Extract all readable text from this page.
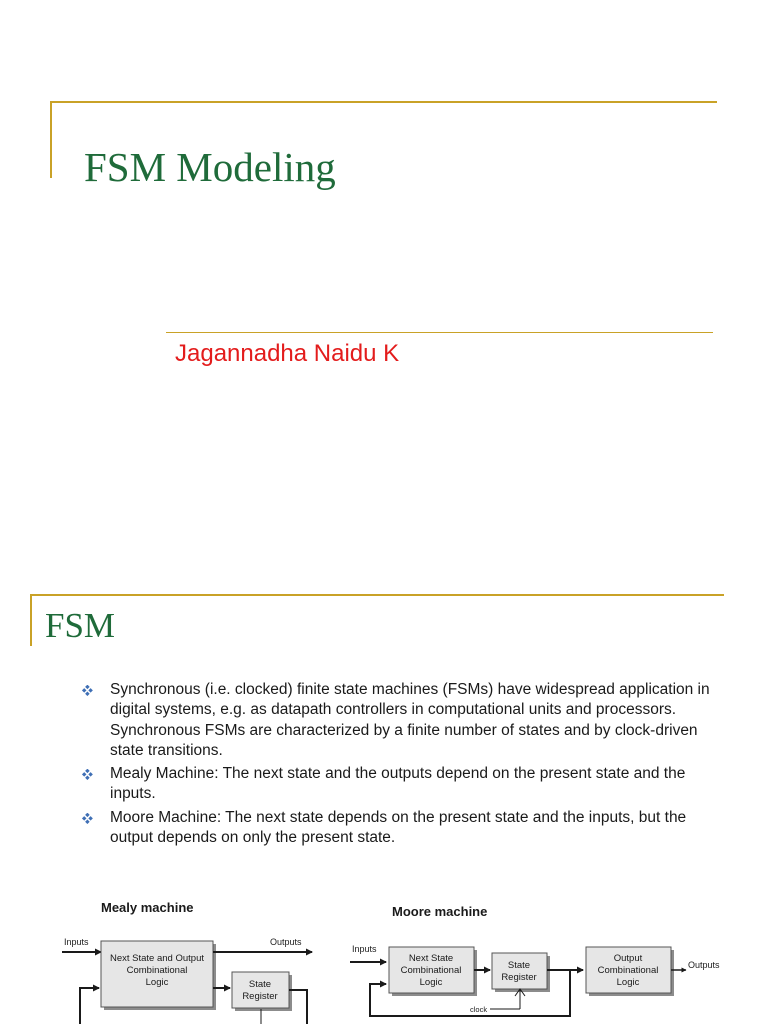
FSM Modeling
Jagannadha Naidu K
FSM
Synchronous (i.e. clocked) finite state machines (FSMs) have widespread application in digital systems, e.g. as datapath controllers in computational units and processors. Synchronous FSMs are characterized by a finite number of states and by clock-driven state transitions.
Mealy Machine: The next state and the outputs depend on the present state and the inputs.
Moore Machine: The next state depends on the present state and the inputs, but the output depends on only the present state.
Mealy machine	Moore machine
Inputs
Next State and Output
Combinational
Logic
Outputs
State
Register
Inputs
Next State
Combinational
Logic
State
Register
clock
Output
Combinational
Logic
Outputs
